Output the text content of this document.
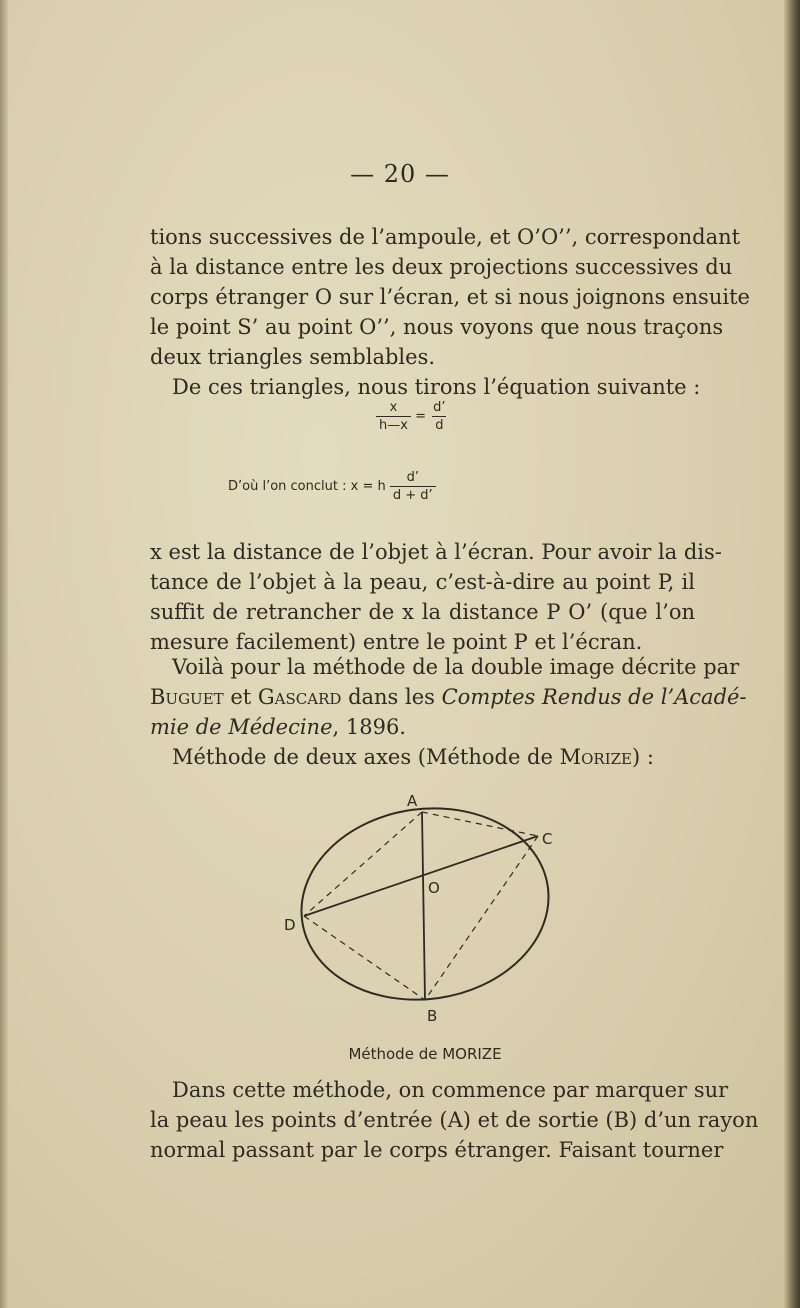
— 20 —
tions successives de l’ampoule, et O’O’’, correspondant
à la distance entre les deux projections successives du
corps étranger O sur l’écran, et si nous joignons ensuite
le point S’ au point O’’, nous voyons que nous traçons
deux triangles semblables.
De ces triangles, nous tirons l’équation suivante :
$\frac{x}{h—x} = \frac{d’}{d}$
D’où l’on conclut : x = h $\frac{d’}{d + d’}$
x est la distance de l’objet à l’écran. Pour avoir la dis-
tance de l’objet à la peau, c’est-à-dire au point P, il
suffit de retrancher de x la distance P O’ (que l’on
mesure facilement) entre le point P et l’écran.
Voilà pour la méthode de la double image décrite par
Buguet et Gascard dans les Comptes Rendus de l’Acadé-
mie de Médecine, 1896.
Méthode de deux axes (Méthode de Morize) :
A
C
O
D
B
Méthode de MORIZE
Dans cette méthode, on commence par marquer sur
la peau les points d’entrée (A) et de sortie (B) d’un rayon
normal passant par le corps étranger. Faisant tourner
